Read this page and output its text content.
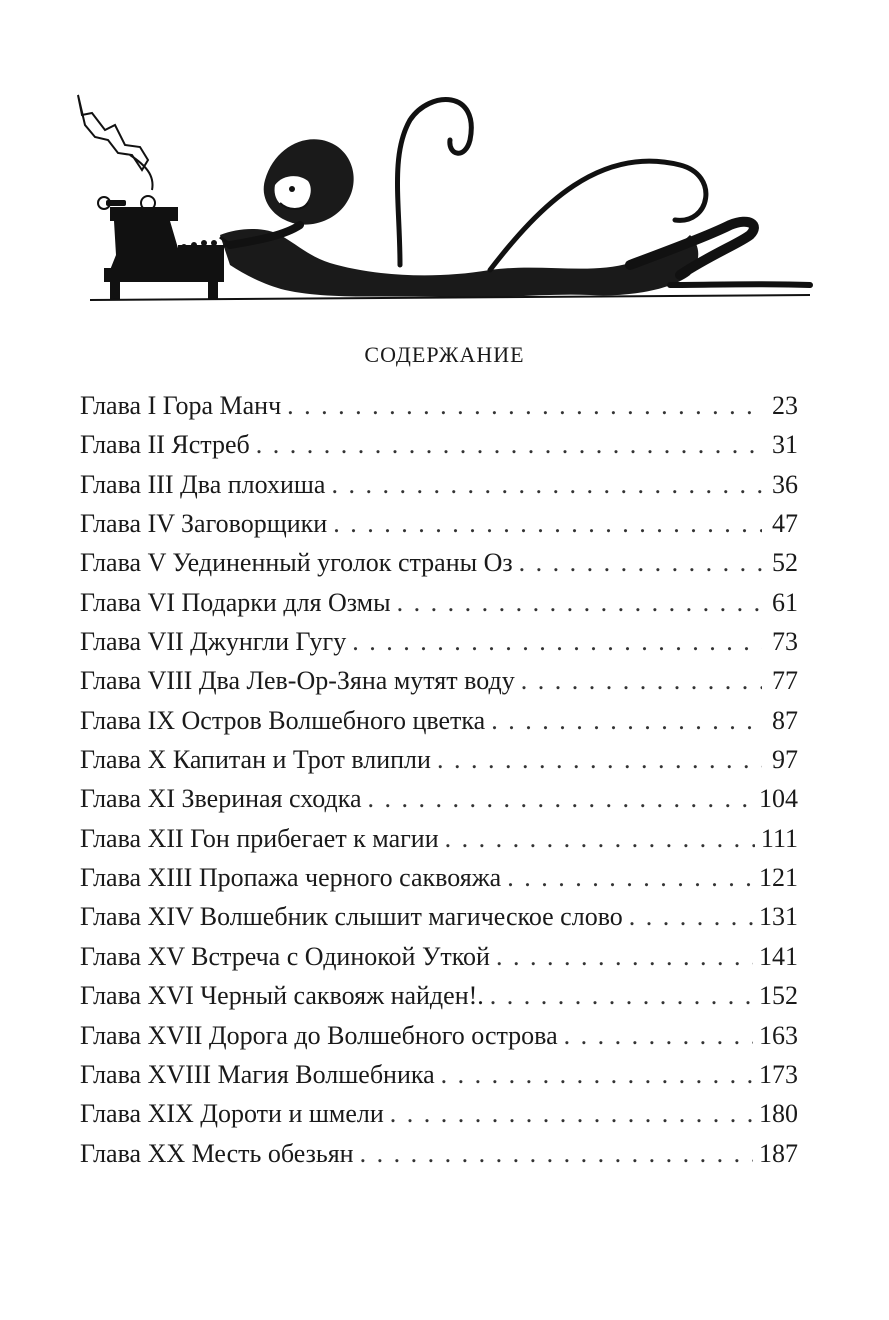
СОДЕРЖАНИЕ
Глава I Гора Манч . . .	23
Глава II Ястреб . . .	31
Глава III Два плохиша . . .	36
Глава IV Заговорщики . . .	47
Глава V Уединенный уголок страны Оз . . .	52
Глава VI Подарки для Озмы . . .	61
Глава VII Джунгли Гугу . . .	73
Глава VIII Два Лев-Ор-Зяна мутят воду . . .	77
Глава IX Остров Волшебного цветка . . .	87
Глава X Капитан и Трот влипли . . .	97
Глава XI Звериная сходка . . .	104
Глава XII Гон прибегает к магии . . .	111
Глава XIII Пропажа черного саквояжа . . .	121
Глава XIV Волшебник слышит магическое слово . . .	131
Глава XV Встреча с Одинокой Уткой . . .	141
Глава XVI Черный саквояж найден!. . . .	152
Глава XVII Дорога до Волшебного острова . . .	163
Глава XVIII Магия Волшебника . . .	173
Глава XIX Дороти и шмели . . .	180
Глава XX Месть обезьян . . .	187
